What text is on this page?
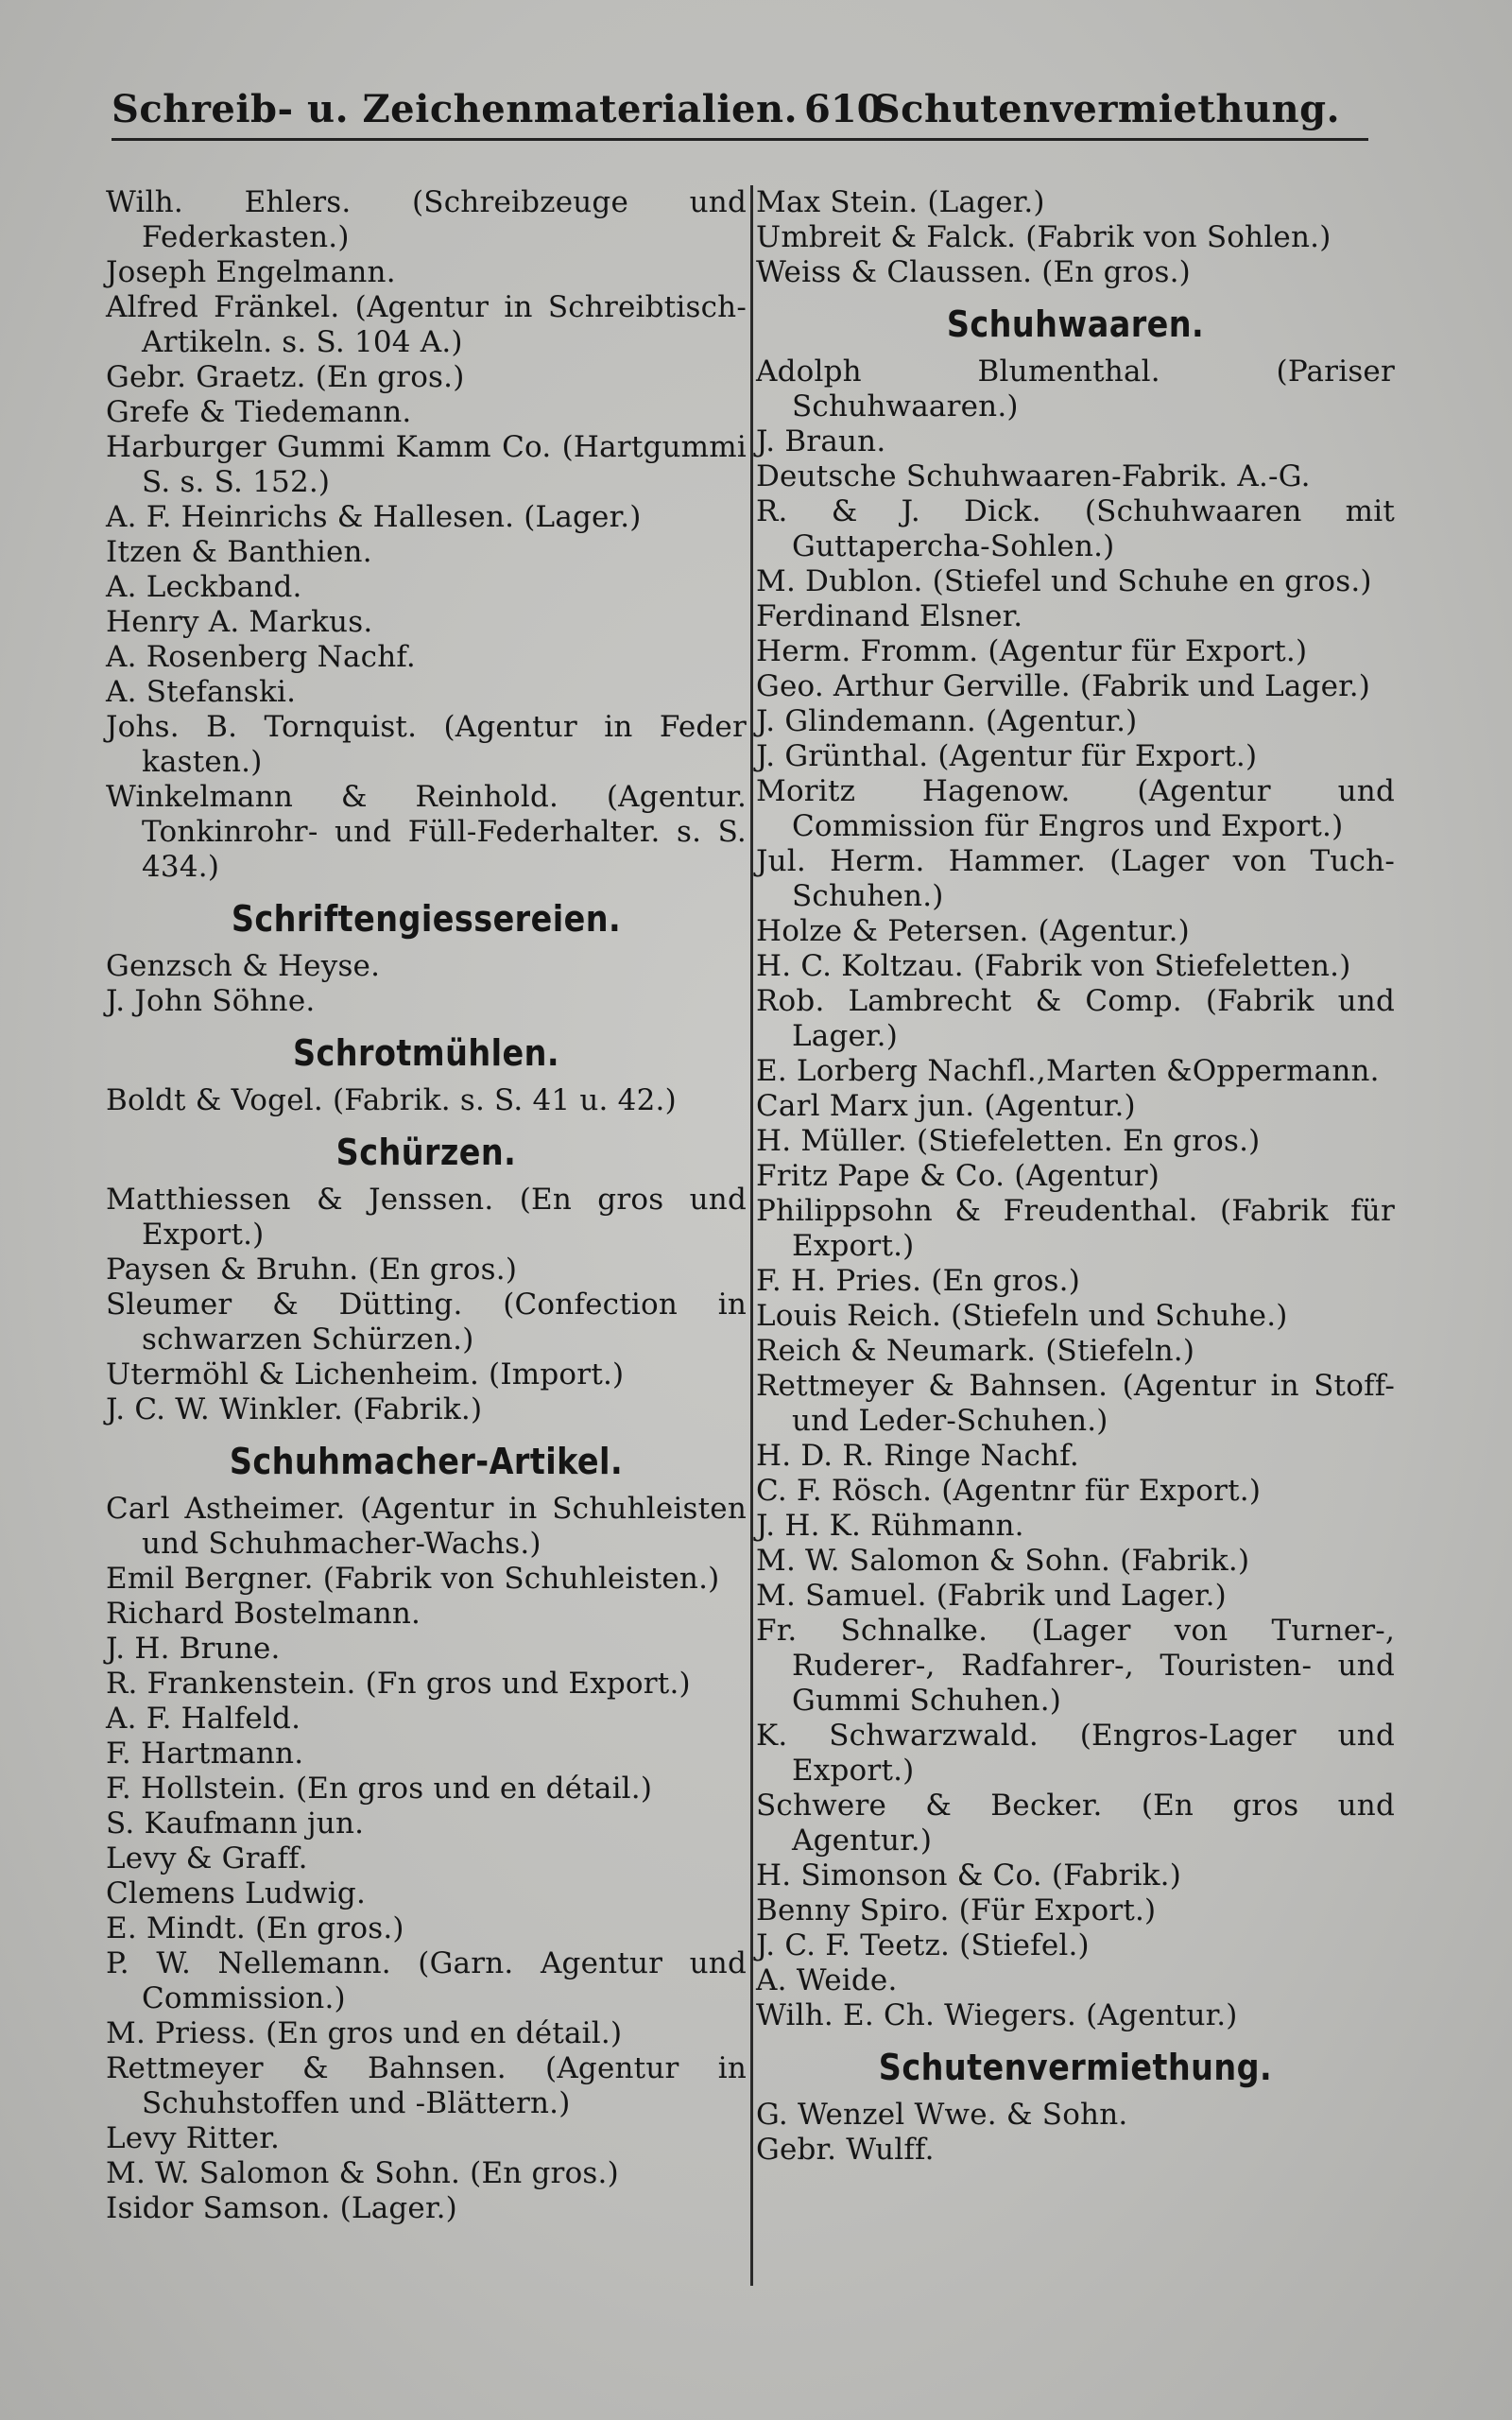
Schreib- u. Zeichenmaterialien. 610
Schutenvermiethung.

Wilh. Ehlers. (Schreibzeuge und Federkasten.)

Joseph Engelmann.

Alfred Fränkel. (Agentur in Schreibtisch-Artikeln. s. S. 104 A.)

Gebr. Graetz. (En gros.)

Grefe & Tiedemann.

Harburger Gummi Kamm Co. (Hartgummi S. s. S. 152.)

A. F. Heinrichs & Hallesen. (Lager.)

Itzen & Banthien.

A. Leckband.

Henry A. Markus.

A. Rosenberg Nachf.

A. Stefanski.

Johs. B. Tornquist. (Agentur in Feder kasten.)

Winkelmann & Reinhold. (Agentur. Tonkinrohr- und Füll-Federhalter. s. S. 434.)

Schriftengiessereien.

Genzsch & Heyse.

J. John Söhne.

Schrotmühlen.

Boldt & Vogel. (Fabrik. s. S. 41 u. 42.)

Schürzen.

Matthiessen & Jenssen. (En gros und Export.)

Paysen & Bruhn. (En gros.)

Sleumer & Dütting. (Confection in schwarzen Schürzen.)

Utermöhl & Lichenheim. (Import.)

J. C. W. Winkler. (Fabrik.)

Schuhmacher-Artikel.

Carl Astheimer. (Agentur in Schuhleisten und Schuhmacher-Wachs.)

Emil Bergner. (Fabrik von Schuhleisten.)

Richard Bostelmann.

J. H. Brune.

R. Frankenstein. (Fn gros und Export.)

A. F. Halfeld.

F. Hartmann.

F. Hollstein. (En gros und en détail.)

S. Kaufmann jun.

Levy & Graff.

Clemens Ludwig.

E. Mindt. (En gros.)

P. W. Nellemann. (Garn. Agentur und Commission.)

M. Priess. (En gros und en détail.)

Rettmeyer & Bahnsen. (Agentur in Schuhstoffen und -Blättern.)

Levy Ritter.

M. W. Salomon & Sohn. (En gros.)

Isidor Samson. (Lager.)

Max Stein. (Lager.)

Umbreit & Falck. (Fabrik von Sohlen.)

Weiss & Claussen. (En gros.)

Schuhwaaren.

Adolph Blumenthal. (Pariser Schuhwaaren.)

J. Braun.

Deutsche Schuhwaaren-Fabrik. A.-G.

R. & J. Dick. (Schuhwaaren mit Guttapercha-Sohlen.)

M. Dublon. (Stiefel und Schuhe en gros.)

Ferdinand Elsner.

Herm. Fromm. (Agentur für Export.)

Geo. Arthur Gerville. (Fabrik und Lager.)

J. Glindemann. (Agentur.)

J. Grünthal. (Agentur für Export.)

Moritz Hagenow. (Agentur und Commission für Engros und Export.)

Jul. Herm. Hammer. (Lager von Tuch-Schuhen.)

Holze & Petersen. (Agentur.)

H. C. Koltzau. (Fabrik von Stiefeletten.)

Rob. Lambrecht & Comp. (Fabrik und Lager.)

E. Lorberg Nachfl.,Marten &Oppermann.

Carl Marx jun. (Agentur.)

H. Müller. (Stiefeletten. En gros.)

Fritz Pape & Co. (Agentur)

Philippsohn & Freudenthal. (Fabrik für Export.)

F. H. Pries. (En gros.)

Louis Reich. (Stiefeln und Schuhe.)

Reich & Neumark. (Stiefeln.)

Rettmeyer & Bahnsen. (Agentur in Stoff- und Leder-Schuhen.)

H. D. R. Ringe Nachf.

C. F. Rösch. (Agentnr für Export.)

J. H. K. Rühmann.

M. W. Salomon & Sohn. (Fabrik.)

M. Samuel. (Fabrik und Lager.)

Fr. Schnalke. (Lager von Turner-, Ruderer-, Radfahrer-, Touristen- und Gummi Schuhen.)

K. Schwarzwald. (Engros-Lager und Export.)

Schwere & Becker. (En gros und Agentur.)

H. Simonson & Co. (Fabrik.)

Benny Spiro. (Für Export.)

J. C. F. Teetz. (Stiefel.)

A. Weide.

Wilh. E. Ch. Wiegers. (Agentur.)

Schutenvermiethung.

G. Wenzel Wwe. & Sohn.

Gebr. Wulff.
